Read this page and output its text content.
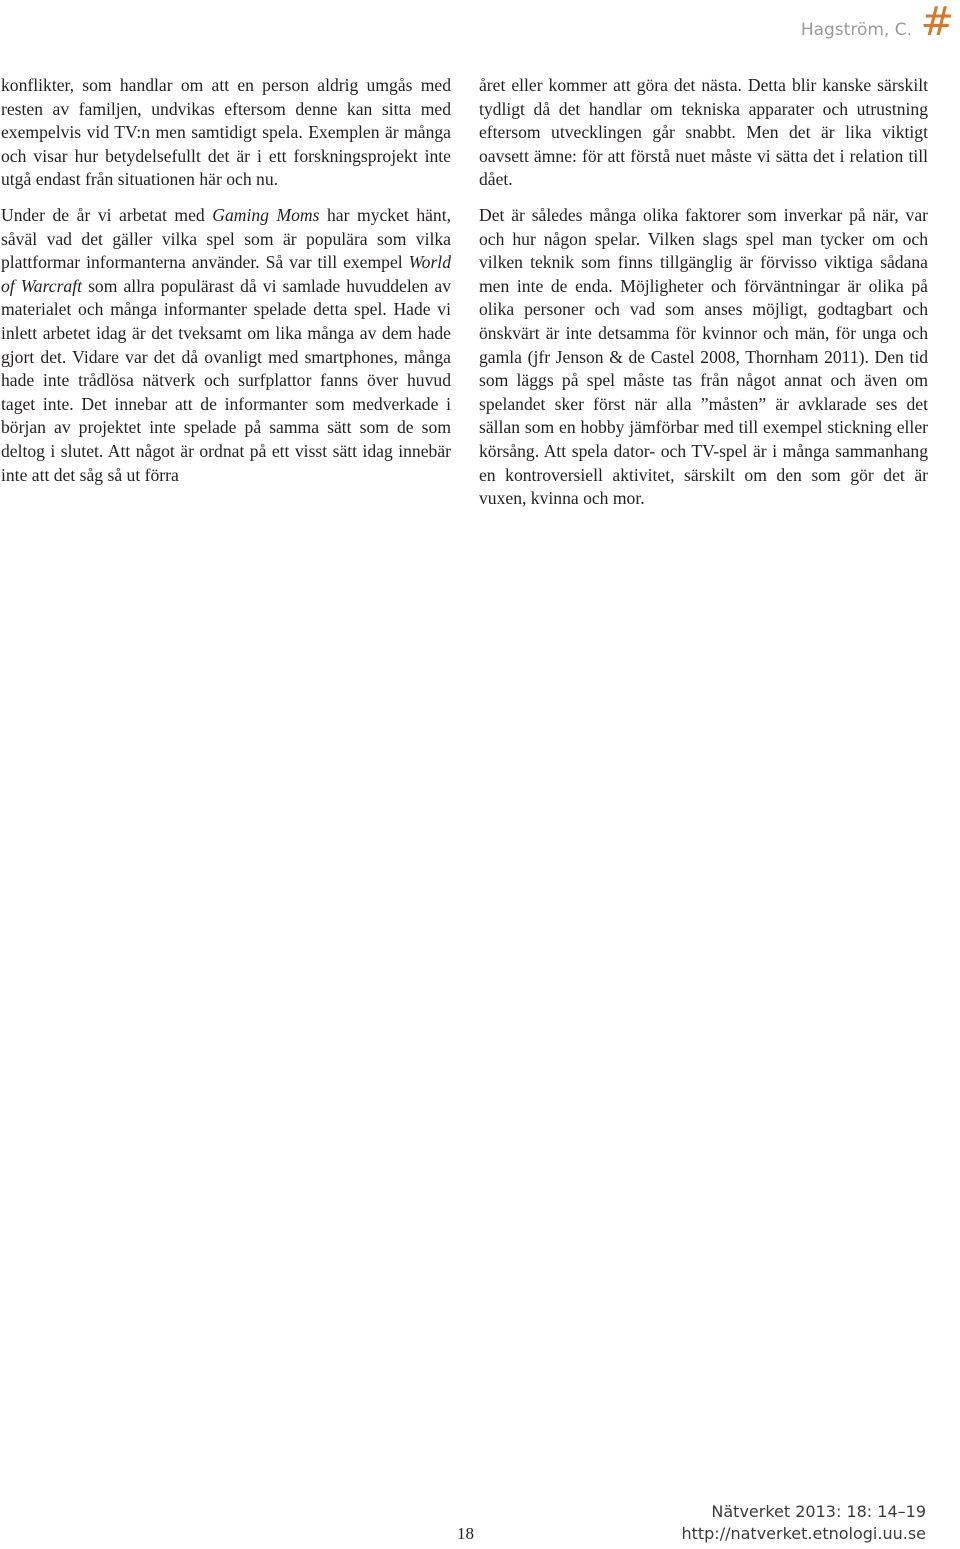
Hagström, C. #

konflikter, som handlar om att en person aldrig umgås med resten av familjen, undvikas eftersom denne kan sitta med exempelvis vid TV:n men samtidigt spela. Exemplen är många och visar hur betydelsefullt det är i ett forskningsprojekt inte utgå endast från situationen här och nu.

Under de år vi arbetat med Gaming Moms har mycket hänt, såväl vad det gäller vilka spel som är populära som vilka plattformar informanterna använder. Så var till exempel World of Warcraft som allra populärast då vi samlade huvuddelen av materialet och många informanter spelade detta spel. Hade vi inlett arbetet idag är det tveksamt om lika många av dem hade gjort det. Vidare var det då ovanligt med smartphones, många hade inte trådlösa nätverk och surfplattor fanns över huvud taget inte. Det innebar att de informanter som medverkade i början av projektet inte spelade på samma sätt som de som deltog i slutet. Att något är ordnat på ett visst sätt idag innebär inte att det såg så ut förra

året eller kommer att göra det nästa. Detta blir kanske särskilt tydligt då det handlar om tekniska apparater och utrustning eftersom utvecklingen går snabbt. Men det är lika viktigt oavsett ämne: för att förstå nuet måste vi sätta det i relation till dået.

Det är således många olika faktorer som inverkar på när, var och hur någon spelar. Vilken slags spel man tycker om och vilken teknik som finns tillgänglig är förvisso viktiga sådana men inte de enda. Möjligheter och förväntningar är olika på olika personer och vad som anses möjligt, godtagbart och önskvärt är inte detsamma för kvinnor och män, för unga och gamla (jfr Jenson & de Castel 2008, Thornham 2011). Den tid som läggs på spel måste tas från något annat och även om spelandet sker först när alla ”måsten” är avklarade ses det sällan som en hobby jämförbar med till exempel stickning eller körsång. Att spela dator- och TV-spel är i många sammanhang en kontroversiell aktivitet, särskilt om den som gör det är vuxen, kvinna och mor.

18
Nätverket 2013: 18: 14–19
http://natverket.etnologi.uu.se
